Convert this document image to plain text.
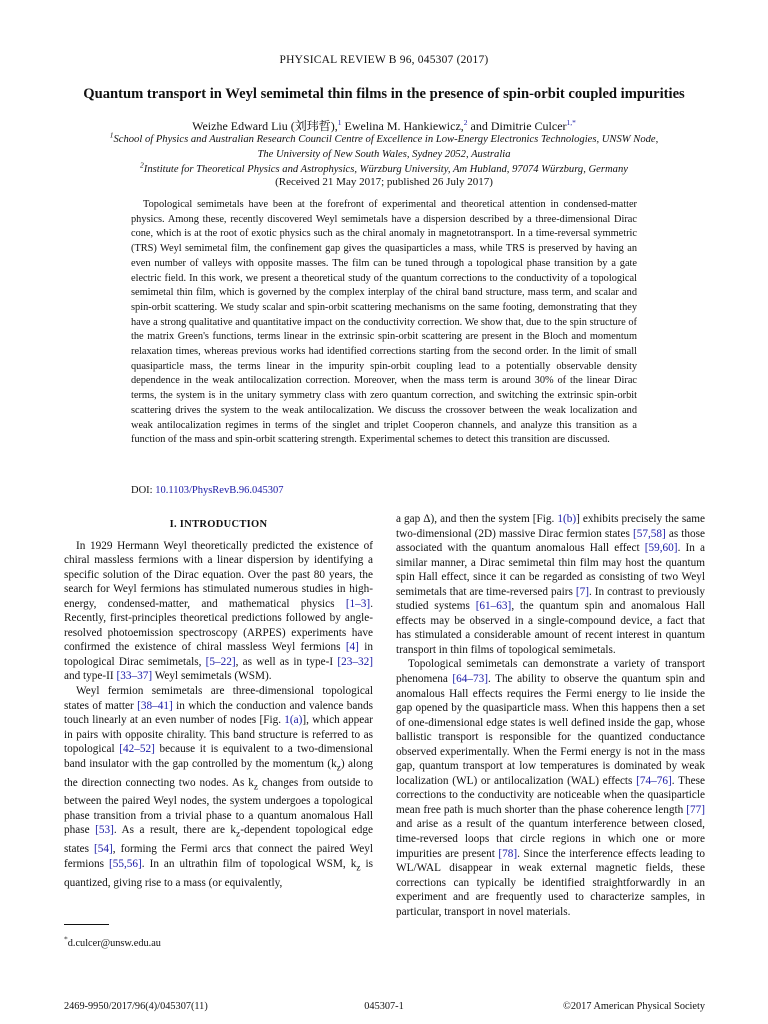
PHYSICAL REVIEW B 96, 045307 (2017)
Quantum transport in Weyl semimetal thin films in the presence of spin-orbit coupled impurities
Weizhe Edward Liu (刘玮哲),$^1$ Ewelina M. Hankiewicz,$^2$ and Dimitrie Culcer$^{1,*}$
$^1$School of Physics and Australian Research Council Centre of Excellence in Low-Energy Electronics Technologies, UNSW Node,
The University of New South Wales, Sydney 2052, Australia
$^2$Institute for Theoretical Physics and Astrophysics, Würzburg University, Am Hubland, 97074 Würzburg, Germany
(Received 21 May 2017; published 26 July 2017)

Topological semimetals have been at the forefront of experimental and theoretical attention in condensed-matter physics. Among these, recently discovered Weyl semimetals have a dispersion described by a three-dimensional Dirac cone, which is at the root of exotic physics such as the chiral anomaly in magnetotransport. In a time-reversal symmetric (TRS) Weyl semimetal film, the confinement gap gives the quasiparticles a mass, while TRS is preserved by having an even number of valleys with opposite masses. The film can be tuned through a topological phase transition by a gate electric field. In this work, we present a theoretical study of the quantum corrections to the conductivity of a topological semimetal thin film, which is governed by the complex interplay of the chiral band structure, mass term, and scalar and spin-orbit scattering. We study scalar and spin-orbit scattering mechanisms on the same footing, demonstrating that they have a strong qualitative and quantitative impact on the conductivity correction. We show that, due to the spin structure of the matrix Green's functions, terms linear in the extrinsic spin-orbit scattering are present in the Bloch and momentum relaxation times, whereas previous works had identified corrections starting from the second order. In the limit of small quasiparticle mass, the terms linear in the impurity spin-orbit coupling lead to a potentially observable density dependence in the weak antilocalization correction. Moreover, when the mass term is around 30% of the linear Dirac terms, the system is in the unitary symmetry class with zero quantum correction, and switching the extrinsic spin-orbit scattering drives the system to the weak antilocalization. We discuss the crossover between the weak localization and weak antilocalization regimes in terms of the singlet and triplet Cooperon channels, and analyze this transition as a function of the mass and spin-orbit scattering strength. Experimental schemes to detect this transition are discussed.

DOI: 10.1103/PhysRevB.96.045307
I. INTRODUCTION

In 1929 Hermann Weyl theoretically predicted the existence of chiral massless fermions with a linear dispersion by identifying a specific solution of the Dirac equation. Over the past 80 years, the search for Weyl fermions has stimulated numerous studies in high-energy, condensed-matter, and mathematical physics [1–3]. Recently, first-principles theoretical predictions followed by angle-resolved photoemission spectroscopy (ARPES) experiments have confirmed the existence of chiral massless Weyl fermions [4] in topological Dirac semimetals, [5–22], as well as in type-I [23–32] and type-II [33–37] Weyl semimetals (WSM).

Weyl fermion semimetals are three-dimensional topological states of matter [38–41] in which the conduction and valence bands touch linearly at an even number of nodes [Fig. 1(a)], which appear in pairs with opposite chirality. This band structure is referred to as topological [42–52] because it is equivalent to a two-dimensional band insulator with the gap controlled by the momentum $(k_z)$ along the direction connecting two nodes. As $k_z$ changes from outside to between the paired Weyl nodes, the system undergoes a topological phase transition from a trivial phase to a quantum anomalous Hall phase [53]. As a result, there are $k_z$-dependent topological edge states [54], forming the Fermi arcs that connect the paired Weyl fermions [55,56]. In an ultrathin film of topological WSM, $k_z$ is quantized, giving rise to a mass (or equivalently,

a gap Δ), and then the system [Fig. 1(b)] exhibits precisely the same two-dimensional (2D) massive Dirac fermion states [57,58] as those associated with the quantum anomalous Hall effect [59,60]. In a similar manner, a Dirac semimetal thin film may host the quantum spin Hall effect, since it can be regarded as consisting of two Weyl semimetals that are time-reversed pairs [7]. In contrast to previously studied systems [61–63], the quantum spin and anomalous Hall effects may be observed in a single-compound device, a fact that has stimulated a considerable amount of recent interest in quantum transport in thin films of topological semimetals.

Topological semimetals can demonstrate a variety of transport phenomena [64–73]. The ability to observe the quantum spin and anomalous Hall effects requires the Fermi energy to lie inside the gap opened by the quasiparticle mass. When this happens then a set of one-dimensional edge states is well defined inside the gap, whose ballistic transport is responsible for the quantized conductance observed experimentally. When the Fermi energy is not in the mass gap, quantum transport at low temperatures is dominated by weak localization (WL) or antilocalization (WAL) effects [74–76]. These corrections to the conductivity are noticeable when the quasiparticle mean free path is much shorter than the phase coherence length [77] and arise as a result of the quantum interference between closed, time-reversed loops that circle regions in which one or more impurities are present [78]. Since the interference effects leading to WL/WAL disappear in weak external magnetic fields, these corrections can typically be identified straightforwardly in an experiment and are frequently used to characterize samples, in particular, transport in novel materials.

*d.culcer@unsw.edu.au
2469-9950/2017/96(4)/045307(11)	045307-1	©2017 American Physical Society
